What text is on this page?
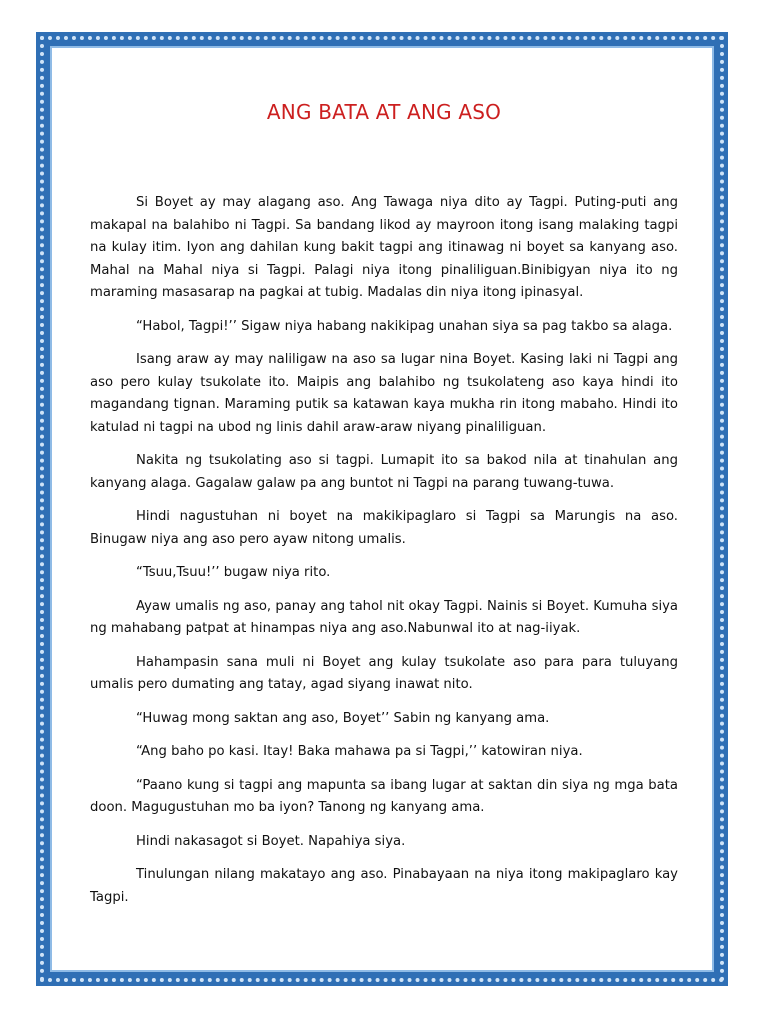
ANG BATA AT ANG ASO

Si Boyet ay may alagang aso. Ang Tawaga niya dito ay Tagpi. Puting-puti ang makapal na balahibo ni Tagpi. Sa bandang likod ay mayroon itong isang malaking tagpi na kulay itim. Iyon ang dahilan kung bakit tagpi ang itinawag ni boyet sa kanyang aso. Mahal na Mahal niya si Tagpi. Palagi niya itong pinaliliguan.Binibigyan niya ito ng maraming masasarap na pagkai at tubig. Madalas din niya itong ipinasyal.

“Habol, Tagpi!’’ Sigaw niya habang nakikipag unahan siya sa pag takbo sa alaga.

Isang araw ay may naliligaw na aso sa lugar nina Boyet. Kasing laki ni Tagpi ang aso pero kulay tsukolate ito. Maipis ang balahibo ng tsukolateng aso kaya hindi ito magandang tignan. Maraming putik sa katawan kaya mukha rin itong mabaho. Hindi ito katulad ni tagpi na ubod ng linis dahil araw-araw niyang pinaliliguan.

Nakita ng tsukolating aso si tagpi. Lumapit ito sa bakod nila at tinahulan ang kanyang alaga. Gagalaw galaw pa ang buntot ni Tagpi na parang tuwang-tuwa.

Hindi nagustuhan ni boyet na makikipaglaro si Tagpi sa Marungis na aso. Binugaw niya ang aso pero ayaw nitong umalis.

“Tsuu,Tsuu!’’ bugaw niya rito.

Ayaw umalis ng aso, panay ang tahol nit okay Tagpi. Nainis si Boyet. Kumuha siya ng mahabang patpat at hinampas niya ang aso.Nabunwal ito at nag-iiyak.

Hahampasin sana muli ni Boyet ang kulay tsukolate aso para para tuluyang umalis pero dumating ang tatay, agad siyang inawat nito.

“Huwag mong saktan ang aso, Boyet’’ Sabin ng kanyang ama.

“Ang baho po kasi. Itay! Baka mahawa pa si Tagpi,’’ katowiran niya.

“Paano kung si tagpi ang mapunta sa ibang lugar at saktan din siya ng mga bata doon. Magugustuhan mo ba iyon? Tanong ng kanyang ama.

Hindi nakasagot si Boyet. Napahiya siya.

Tinulungan nilang makatayo ang aso. Pinabayaan na niya itong makipaglaro kay Tagpi.
